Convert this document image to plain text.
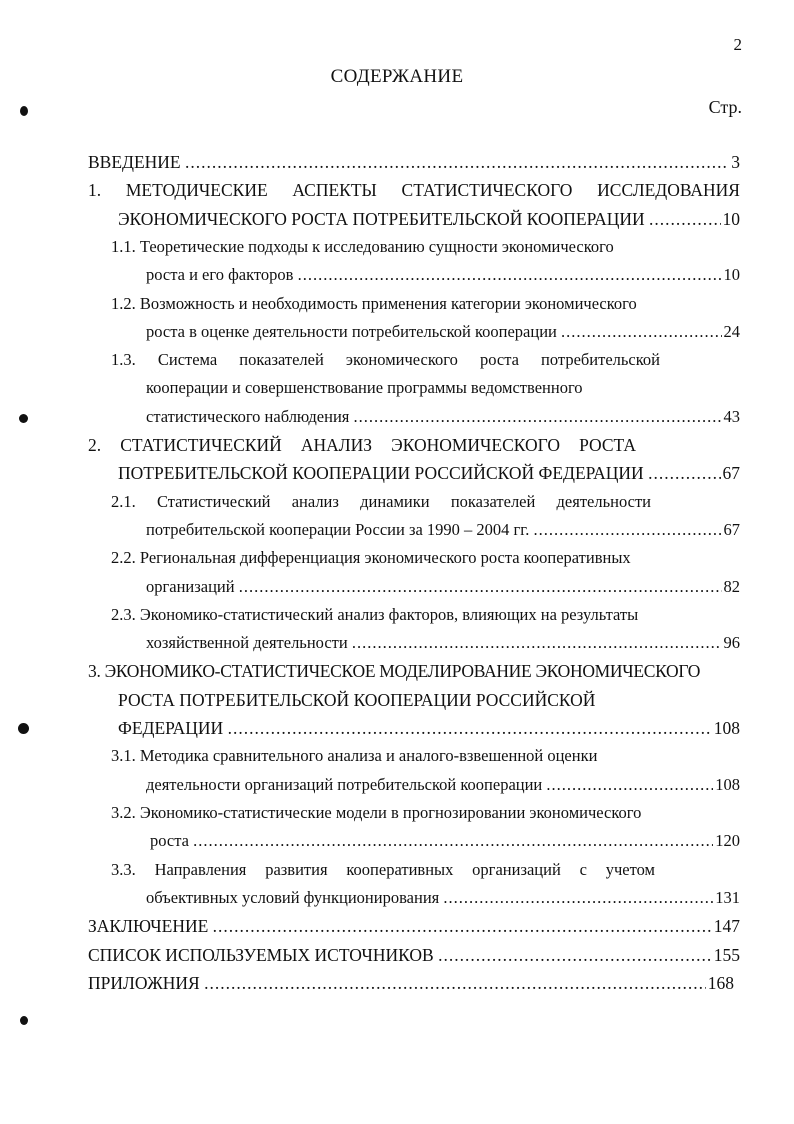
2
СОДЕРЖАНИЕ
Стр.
ВВЕДЕНИЕ	3
.....
1. МЕТОДИЧЕСКИЕ АСПЕКТЫ СТАТИСТИЧЕСКОГО ИССЛЕДОВАНИЯ
ЭКОНОМИЧЕСКОГО РОСТА ПОТРЕБИТЕЛЬСКОЙ КООПЕРАЦИИ	10
.....
1.1. Теоретические подходы к исследованию сущности экономического
роста и его факторов	10
.....
1.2. Возможность и необходимость применения категории экономического
роста в оценке деятельности потребительской кооперации	24
.....
1.3. Система показателей экономического роста потребительской
кооперации и совершенствование программы ведомственного
статистического наблюдения	43
.....
2. СТАТИСТИЧЕСКИЙ АНАЛИЗ ЭКОНОМИЧЕСКОГО РОСТА
ПОТРЕБИТЕЛЬСКОЙ КООПЕРАЦИИ РОССИЙСКОЙ ФЕДЕРАЦИИ	67
.....
2.1. Статистический анализ динамики показателей деятельности
потребительской кооперации России за 1990 – 2004 гг.	67
.....
2.2. Региональная дифференциация экономического роста кооперативных
организаций	82
.....
2.3. Экономико-статистический анализ факторов, влияющих на результаты
хозяйственной деятельности	96
.....
3. ЭКОНОМИКО-СТАТИСТИЧЕСКОЕ МОДЕЛИРОВАНИЕ ЭКОНОМИЧЕСКОГО
РОСТА ПОТРЕБИТЕЛЬСКОЙ КООПЕРАЦИИ РОССИЙСКОЙ
ФЕДЕРАЦИИ	108
.....
3.1. Методика сравнительного анализа и аналого-взвешенной оценки
деятельности организаций потребительской кооперации	108
.....
3.2. Экономико-статистические модели в прогнозировании экономического
роста	120
.....
3.3. Направления развития кооперативных организаций с учетом
объективных условий функционирования	131
.....
ЗАКЛЮЧЕНИЕ	147
.....
СПИСОК ИСПОЛЬЗУЕМЫХ ИСТОЧНИКОВ	155
.....
ПРИЛОЖНИЯ	168
.....
